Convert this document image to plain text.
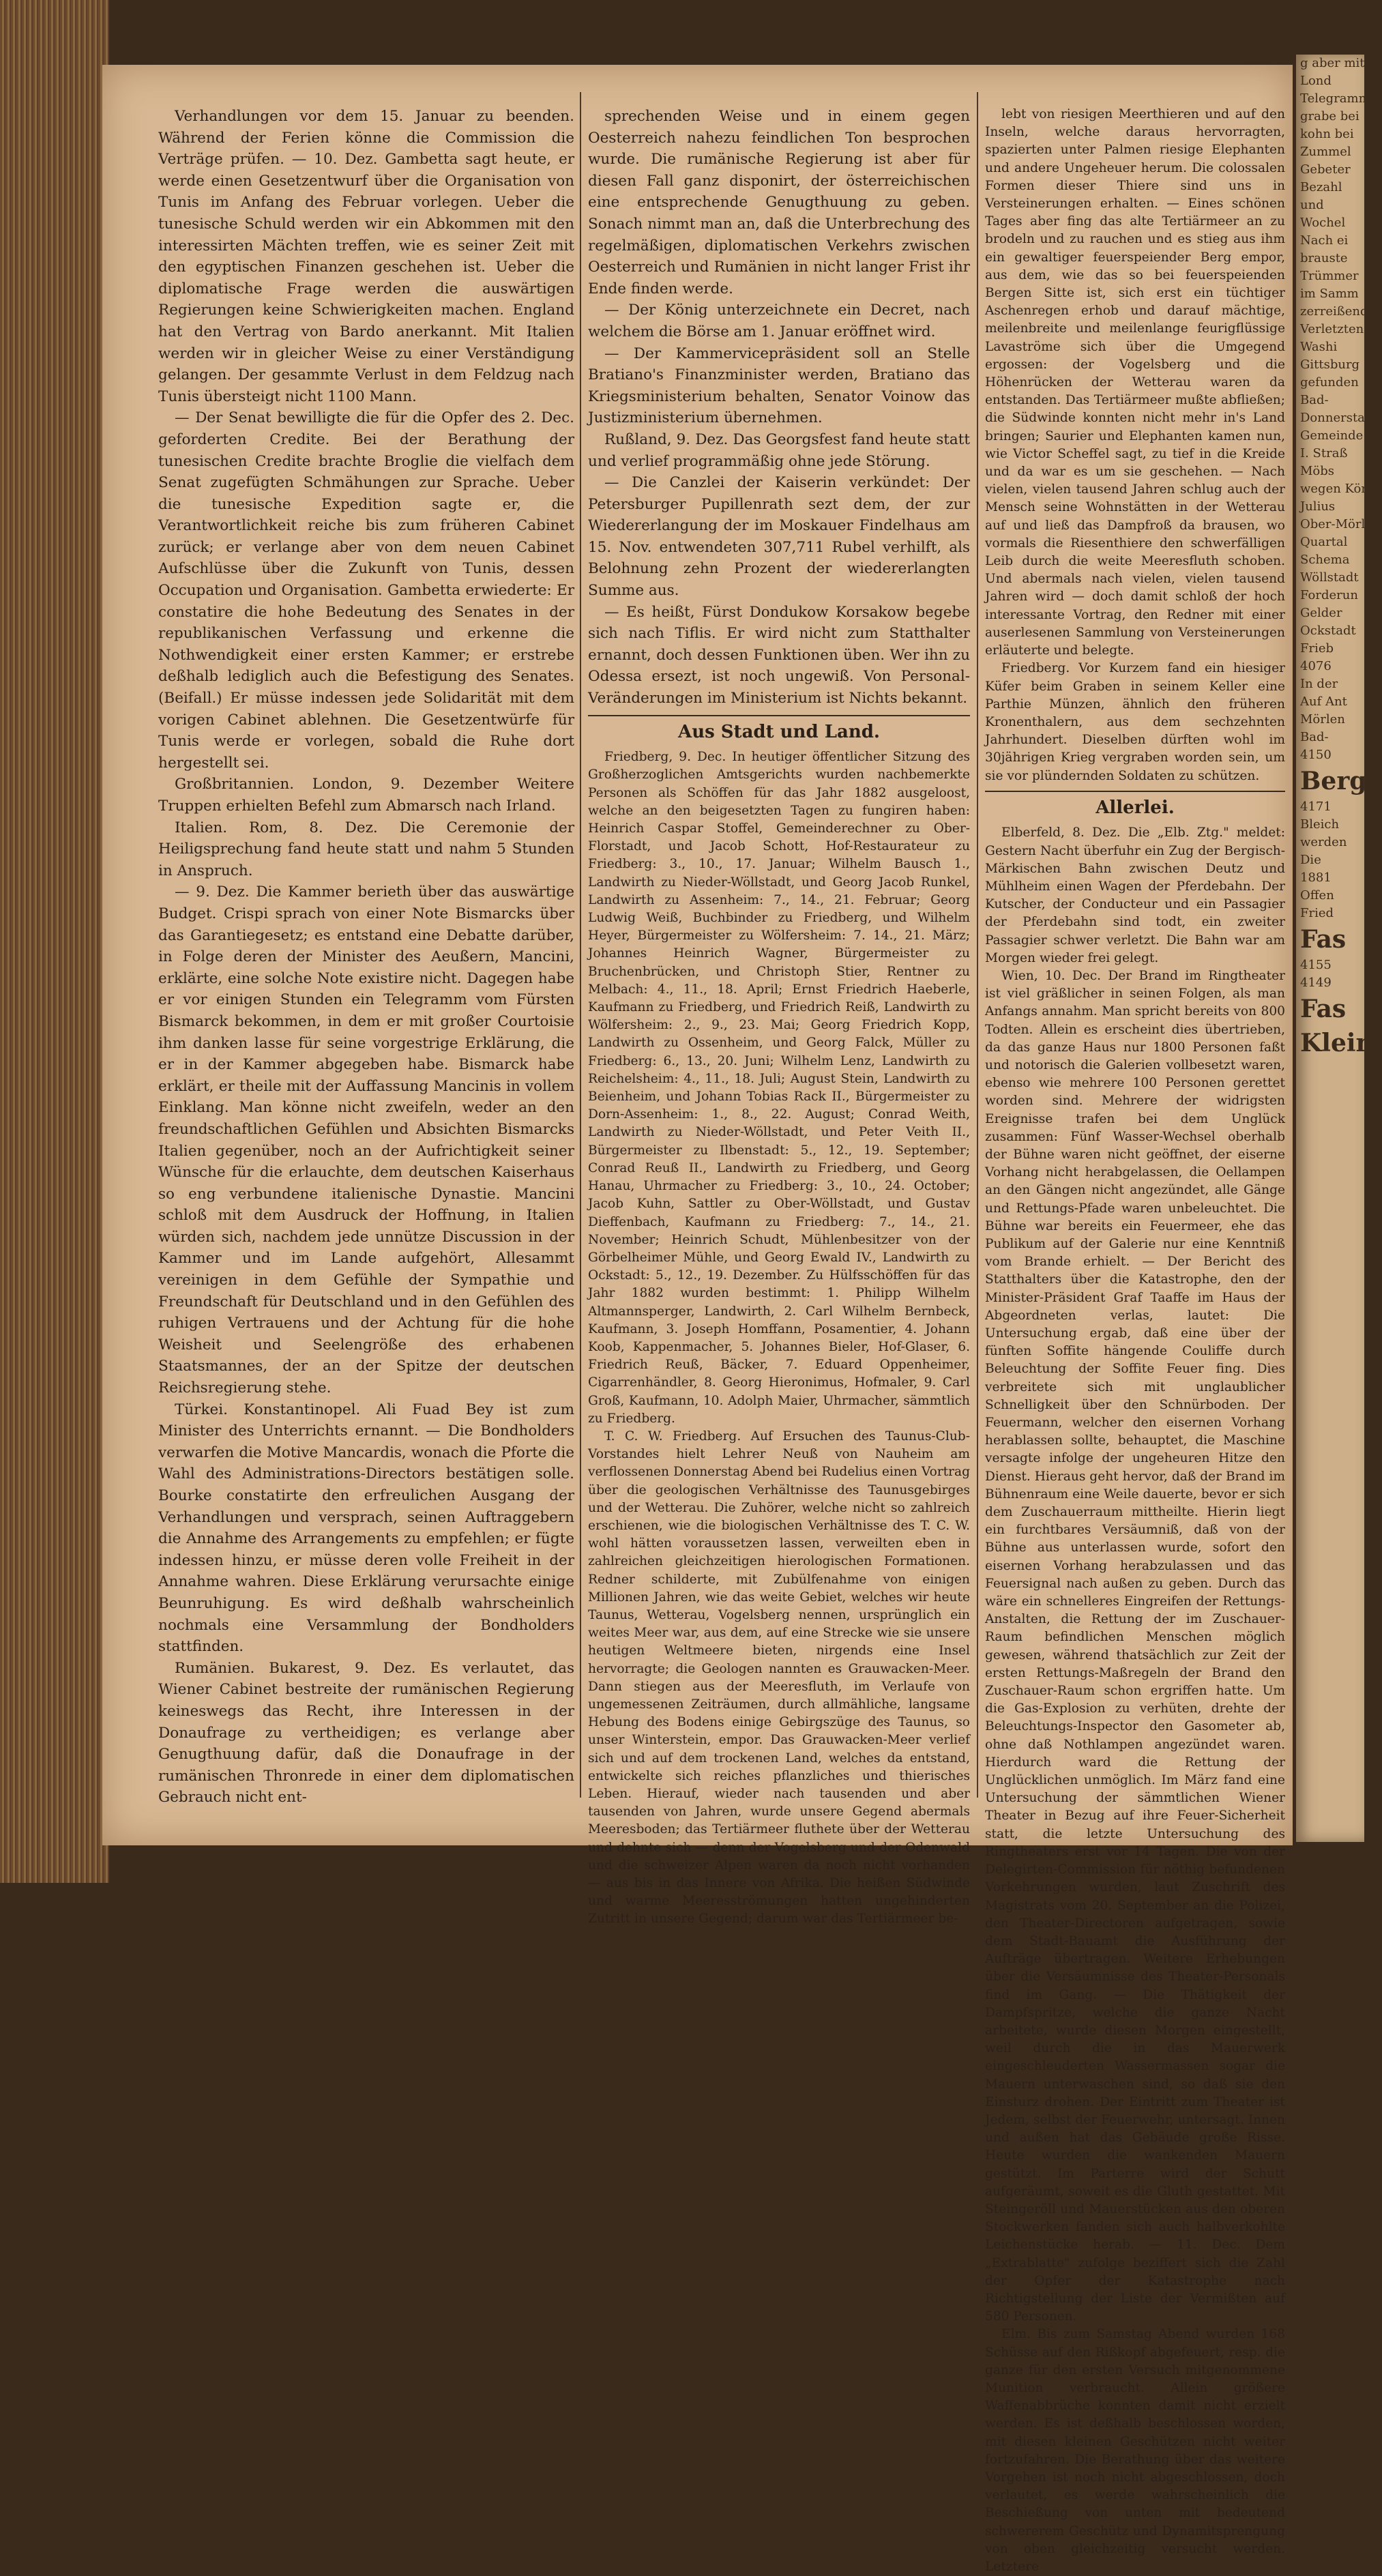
Verhandlungen vor dem 15. Januar zu beenden. Während der Ferien könne die Commission die Verträge prüfen. — 10. Dez. Gambetta sagt heute, er werde einen Gesetzentwurf über die Organisation von Tunis im Anfang des Februar vorlegen. Ueber die tunesische Schuld werden wir ein Abkommen mit den interessirten Mächten treffen, wie es seiner Zeit mit den egyptischen Finanzen geschehen ist. Ueber die diplomatische Frage werden die auswärtigen Regierungen keine Schwierigkeiten machen. England hat den Vertrag von Bardo anerkannt. Mit Italien werden wir in gleicher Weise zu einer Verständigung gelangen. Der gesammte Verlust in dem Feldzug nach Tunis übersteigt nicht 1100 Mann.

— Der Senat bewilligte die für die Opfer des 2. Dec. geforderten Credite. Bei der Berathung der tunesischen Credite brachte Broglie die vielfach dem Senat zugefügten Schmähungen zur Sprache. Ueber die tunesische Expedition sagte er, die Verantwortlichkeit reiche bis zum früheren Cabinet zurück; er verlange aber von dem neuen Cabinet Aufschlüsse über die Zukunft von Tunis, dessen Occupation und Organisation. Gambetta erwiederte: Er constatire die hohe Bedeutung des Senates in der republikanischen Verfassung und erkenne die Nothwendigkeit einer ersten Kammer; er erstrebe deßhalb lediglich auch die Befestigung des Senates. (Beifall.) Er müsse indessen jede Solidarität mit dem vorigen Cabinet ablehnen. Die Gesetzentwürfe für Tunis werde er vorlegen, sobald die Ruhe dort hergestellt sei.

Großbritannien. London, 9. Dezember Weitere Truppen erhielten Befehl zum Abmarsch nach Irland.

Italien. Rom, 8. Dez. Die Ceremonie der Heiligsprechung fand heute statt und nahm 5 Stunden in Anspruch.

— 9. Dez. Die Kammer berieth über das auswärtige Budget. Crispi sprach von einer Note Bismarcks über das Garantiegesetz; es entstand eine Debatte darüber, in Folge deren der Minister des Aeußern, Mancini, erklärte, eine solche Note existire nicht. Dagegen habe er vor einigen Stunden ein Telegramm vom Fürsten Bismarck bekommen, in dem er mit großer Courtoisie ihm danken lasse für seine vorgestrige Erklärung, die er in der Kammer abgegeben habe. Bismarck habe erklärt, er theile mit der Auffassung Mancinis in vollem Einklang. Man könne nicht zweifeln, weder an den freundschaftlichen Gefühlen und Absichten Bismarcks Italien gegenüber, noch an der Aufrichtigkeit seiner Wünsche für die erlauchte, dem deutschen Kaiserhaus so eng verbundene italienische Dynastie. Mancini schloß mit dem Ausdruck der Hoffnung, in Italien würden sich, nachdem jede unnütze Discussion in der Kammer und im Lande aufgehört, Allesammt vereinigen in dem Gefühle der Sympathie und Freundschaft für Deutschland und in den Gefühlen des ruhigen Vertrauens und der Achtung für die hohe Weisheit und Seelengröße des erhabenen Staatsmannes, der an der Spitze der deutschen Reichsregierung stehe.

Türkei. Konstantinopel. Ali Fuad Bey ist zum Minister des Unterrichts ernannt. — Die Bondholders verwarfen die Motive Mancardis, wonach die Pforte die Wahl des Administrations-Directors bestätigen solle. Bourke constatirte den erfreulichen Ausgang der Verhandlungen und versprach, seinen Auftraggebern die Annahme des Arrangements zu empfehlen; er fügte indessen hinzu, er müsse deren volle Freiheit in der Annahme wahren. Diese Erklärung verursachte einige Beunruhigung. Es wird deßhalb wahrscheinlich nochmals eine Versammlung der Bondholders stattfinden.

Rumänien. Bukarest, 9. Dez. Es verlautet, das Wiener Cabinet bestreite der rumänischen Regierung keineswegs das Recht, ihre Interessen in der Donaufrage zu vertheidigen; es verlange aber Genugthuung dafür, daß die Donaufrage in der rumänischen Thronrede in einer dem diplomatischen Gebrauch nicht ent-

sprechenden Weise und in einem gegen Oesterreich nahezu feindlichen Ton besprochen wurde. Die rumänische Regierung ist aber für diesen Fall ganz disponirt, der österreichischen eine entsprechende Genugthuung zu geben. Sonach nimmt man an, daß die Unterbrechung des regelmäßigen, diplomatischen Verkehrs zwischen Oesterreich und Rumänien in nicht langer Frist ihr Ende finden werde.

— Der König unterzeichnete ein Decret, nach welchem die Börse am 1. Januar eröffnet wird.

— Der Kammervicepräsident soll an Stelle Bratiano's Finanzminister werden, Bratiano das Kriegsministerium behalten, Senator Voinow das Justizministerium übernehmen.

Rußland, 9. Dez. Das Georgsfest fand heute statt und verlief programmäßig ohne jede Störung.

— Die Canzlei der Kaiserin verkündet: Der Petersburger Pupillenrath sezt dem, der zur Wiedererlangung der im Moskauer Findelhaus am 15. Nov. entwendeten 307,711 Rubel verhilft, als Belohnung zehn Prozent der wiedererlangten Summe aus.

— Es heißt, Fürst Dondukow Korsakow begebe sich nach Tiflis. Er wird nicht zum Statthalter ernannt, doch dessen Funktionen üben. Wer ihn zu Odessa ersezt, ist noch ungewiß. Von Personal-Veränderungen im Ministerium ist Nichts bekannt.

Aus Stadt und Land.

Friedberg, 9. Dec. In heutiger öffentlicher Sitzung des Großherzoglichen Amtsgerichts wurden nachbemerkte Personen als Schöffen für das Jahr 1882 ausgeloost, welche an den beigesetzten Tagen zu fungiren haben: Heinrich Caspar Stoffel, Gemeinderechner zu Ober-Florstadt, und Jacob Schott, Hof-Restaurateur zu Friedberg: 3., 10., 17. Januar; Wilhelm Bausch 1., Landwirth zu Nieder-Wöllstadt, und Georg Jacob Runkel, Landwirth zu Assenheim: 7., 14., 21. Februar; Georg Ludwig Weiß, Buchbinder zu Friedberg, und Wilhelm Heyer, Bürgermeister zu Wölfersheim: 7. 14., 21. März; Johannes Heinrich Wagner, Bürgermeister zu Bruchenbrücken, und Christoph Stier, Rentner zu Melbach: 4., 11., 18. April; Ernst Friedrich Haeberle, Kaufmann zu Friedberg, und Friedrich Reiß, Landwirth zu Wölfersheim: 2., 9., 23. Mai; Georg Friedrich Kopp, Landwirth zu Ossenheim, und Georg Falck, Müller zu Friedberg: 6., 13., 20. Juni; Wilhelm Lenz, Landwirth zu Reichelsheim: 4., 11., 18. Juli; August Stein, Landwirth zu Beienheim, und Johann Tobias Rack II., Bürgermeister zu Dorn-Assenheim: 1., 8., 22. August; Conrad Weith, Landwirth zu Nieder-Wöllstadt, und Peter Veith II., Bürgermeister zu Ilbenstadt: 5., 12., 19. September; Conrad Reuß II., Landwirth zu Friedberg, und Georg Hanau, Uhrmacher zu Friedberg: 3., 10., 24. October; Jacob Kuhn, Sattler zu Ober-Wöllstadt, und Gustav Dieffenbach, Kaufmann zu Friedberg: 7., 14., 21. November; Heinrich Schudt, Mühlenbesitzer von der Görbelheimer Mühle, und Georg Ewald IV., Landwirth zu Ockstadt: 5., 12., 19. Dezember. Zu Hülfsschöffen für das Jahr 1882 wurden bestimmt: 1. Philipp Wilhelm Altmannsperger, Landwirth, 2. Carl Wilhelm Bernbeck, Kaufmann, 3. Joseph Homffann, Posamentier, 4. Johann Koob, Kappenmacher, 5. Johannes Bieler, Hof-Glaser, 6. Friedrich Reuß, Bäcker, 7. Eduard Oppenheimer, Cigarrenhändler, 8. Georg Hieronimus, Hofmaler, 9. Carl Groß, Kaufmann, 10. Adolph Maier, Uhrmacher, sämmtlich zu Friedberg.

T. C. W. Friedberg. Auf Ersuchen des Taunus-Club-Vorstandes hielt Lehrer Neuß von Nauheim am verflossenen Donnerstag Abend bei Rudelius einen Vortrag über die geologischen Verhältnisse des Taunusgebirges und der Wetterau. Die Zuhörer, welche nicht so zahlreich erschienen, wie die biologischen Verhältnisse des T. C. W. wohl hätten voraussetzen lassen, verweilten eben in zahlreichen gleichzeitigen hierologischen Formationen. Redner schilderte, mit Zubülfenahme von einigen Millionen Jahren, wie das weite Gebiet, welches wir heute Taunus, Wetterau, Vogelsberg nennen, ursprünglich ein weites Meer war, aus dem, auf eine Strecke wie sie unsere heutigen Weltmeere bieten, nirgends eine Insel hervorragte; die Geologen nannten es Grauwacken-Meer. Dann stiegen aus der Meeresfluth, im Verlaufe von ungemessenen Zeiträumen, durch allmähliche, langsame Hebung des Bodens einige Gebirgszüge des Taunus, so unser Winterstein, empor. Das Grauwacken-Meer verlief sich und auf dem trockenen Land, welches da entstand, entwickelte sich reiches pflanzliches und thierisches Leben. Hierauf, wieder nach tausenden und aber tausenden von Jahren, wurde unsere Gegend abermals Meeresboden; das Tertiärmeer fluthete über der Wetterau und dehnte sich — denn der Vogelsberg und der Odenwald und die schweizer Alpen waren da noch nicht vorhanden — aus bis in das Innere von Afrika. Die heißen Südwinde und warme Meeresströmungen hatten ungehinderten Zutritt in unsere Gegend; darum war das Tertiärmeer be-

lebt von riesigen Meerthieren und auf den Inseln, welche daraus hervorragten, spazierten unter Palmen riesige Elephanten und andere Ungeheuer herum. Die colossalen Formen dieser Thiere sind uns in Versteinerungen erhalten. — Eines schönen Tages aber fing das alte Tertiärmeer an zu brodeln und zu rauchen und es stieg aus ihm ein gewaltiger feuerspeiender Berg empor, aus dem, wie das so bei feuerspeienden Bergen Sitte ist, sich erst ein tüchtiger Aschenregen erhob und darauf mächtige, meilenbreite und meilenlange feurigflüssige Lavaströme sich über die Umgegend ergossen: der Vogelsberg und die Höhenrücken der Wetterau waren da entstanden. Das Tertiärmeer mußte abfließen; die Südwinde konnten nicht mehr in's Land bringen; Saurier und Elephanten kamen nun, wie Victor Scheffel sagt, zu tief in die Kreide und da war es um sie geschehen. — Nach vielen, vielen tausend Jahren schlug auch der Mensch seine Wohnstätten in der Wetterau auf und ließ das Dampfroß da brausen, wo vormals die Riesenthiere den schwerfälligen Leib durch die weite Meeresfluth schoben. Und abermals nach vielen, vielen tausend Jahren wird — doch damit schloß der hoch interessante Vortrag, den Redner mit einer auserlesenen Sammlung von Versteinerungen erläuterte und belegte.

Friedberg. Vor Kurzem fand ein hiesiger Küfer beim Graben in seinem Keller eine Parthie Münzen, ähnlich den früheren Kronenthalern, aus dem sechzehnten Jahrhundert. Dieselben dürften wohl im 30jährigen Krieg vergraben worden sein, um sie vor plündernden Soldaten zu schützen.

Allerlei.

Elberfeld, 8. Dez. Die „Elb. Ztg." meldet: Gestern Nacht überfuhr ein Zug der Bergisch-Märkischen Bahn zwischen Deutz und Mühlheim einen Wagen der Pferdebahn. Der Kutscher, der Conducteur und ein Passagier der Pferdebahn sind todt, ein zweiter Passagier schwer verletzt. Die Bahn war am Morgen wieder frei gelegt.

Wien, 10. Dec. Der Brand im Ringtheater ist viel gräßlicher in seinen Folgen, als man Anfangs annahm. Man spricht bereits von 800 Todten. Allein es erscheint dies übertrieben, da das ganze Haus nur 1800 Personen faßt und notorisch die Galerien vollbesetzt waren, ebenso wie mehrere 100 Personen gerettet worden sind. Mehrere der widrigsten Ereignisse trafen bei dem Unglück zusammen: Fünf Wasser-Wechsel oberhalb der Bühne waren nicht geöffnet, der eiserne Vorhang nicht herabgelassen, die Oellampen an den Gängen nicht angezündet, alle Gänge und Rettungs-Pfade waren unbeleuchtet. Die Bühne war bereits ein Feuermeer, ehe das Publikum auf der Galerie nur eine Kenntniß vom Brande erhielt. — Der Bericht des Statthalters über die Katastrophe, den der Minister-Präsident Graf Taaffe im Haus der Abgeordneten verlas, lautet: Die Untersuchung ergab, daß eine über der fünften Soffite hängende Couliffe durch Beleuchtung der Soffite Feuer fing. Dies verbreitete sich mit unglaublicher Schnelligkeit über den Schnürboden. Der Feuermann, welcher den eisernen Vorhang herablassen sollte, behauptet, die Maschine versagte infolge der ungeheuren Hitze den Dienst. Hieraus geht hervor, daß der Brand im Bühnenraum eine Weile dauerte, bevor er sich dem Zuschauerraum mittheilte. Hierin liegt ein furchtbares Versäumniß, daß von der Bühne aus unterlassen wurde, sofort den eisernen Vorhang herabzulassen und das Feuersignal nach außen zu geben. Durch das wäre ein schnelleres Eingreifen der Rettungs-Anstalten, die Rettung der im Zuschauer-Raum befindlichen Menschen möglich gewesen, während thatsächlich zur Zeit der ersten Rettungs-Maßregeln der Brand den Zuschauer-Raum schon ergriffen hatte. Um die Gas-Explosion zu verhüten, drehte der Beleuchtungs-Inspector den Gasometer ab, ohne daß Nothlampen angezündet waren. Hierdurch ward die Rettung der Unglücklichen unmöglich. Im März fand eine Untersuchung der sämmtlichen Wiener Theater in Bezug auf ihre Feuer-Sicherheit statt, die letzte Untersuchung des Ringtheaters erst vor 14 Tagen. Die von der Delegirten-Commission für nöthig befundenen Vorkehrungen wurden, laut Zuschrift des Magistrats vom 20. September an die Polizei, den Theater-Directoren aufgetragen, sowie dem Stadt-Bauamt die Ausführung der Aufträge übertragen. Weitere Erhebungen über die Versäumnisse des Theater-Personals find im Gang. — Die Thätigkeit der Dampfspritze, welche die ganze Nacht arbeitete, wurde diesen Morgen eingestellt, weil durch die in das Mauerwerk eingeschleuderten Wassermassen sogar die Mauern unterwaschen sind, so daß sie den Einsturz drohen. Der Eintritt zum Theater ist Jedem, selbst der Feuerwehr, untersagt. Innen und außen hat das Gebäude große Risse. Heute wurden die wankenden Mauern gestützt. Im Parterre wird der Schutt aufgeräumt, soweit es die Gluth gestattet. Mit Steingeröll und Mauerstücken aus den oberen Stockwerken fanden sich auch halbverkohlte Leichenstücke herab. — 11. Dec. Dem „Extrablatte" zufolge beziffert sich die Zahl der Opfer der Katastrophe nach Richtigstellung der Liste der Vermißten auf 580 Personen.

Elm. Bis zum Samstag Abend wurden 168 Schüsse auf den Rißkopf abgefeuert, resp. die ganze für den ersten Versuch mitgenommene Munition verbraucht. Allein größere Waffenabbrüche konnten damit nicht erzielt werden. Es ist deßhalb beschlossen worden, mit diesen kleinen Geschützen nicht weiter fortzufahren. Die Berathung über das weitere Vorgehen ist noch nicht abgeschlossen, doch verlautet, es werde wahrscheinlich die Beschießung von unten mit bedeutend schwererem Geschütz und Dynamitsprengung von oben gleichzeitig versucht werden. Letztere

g aber mit
Lond
Telegramm
grabe bei
kohn bei
Zummel
Gebeter
Bezahl
und
Wochel
Nach ei
brauste
Trümmer
im Samm
zerreißend
Verletzten
Washi
Gittsburg
gefunden
Bad-
Donnerstag
Gemeinde
I. Straß
Möbs
wegen Kör
Julius
Ober-Mörl
Quartal
Schema
Wöllstadt
Forderun
Gelder
Ockstadt
Frieb
4076
In der
Auf Ant
Mörlen
Bad-
4150
Berge
4171
Bleich
werden
Die
1881
Offen
Fried
Fas
4155
4149
Fas
Klein
